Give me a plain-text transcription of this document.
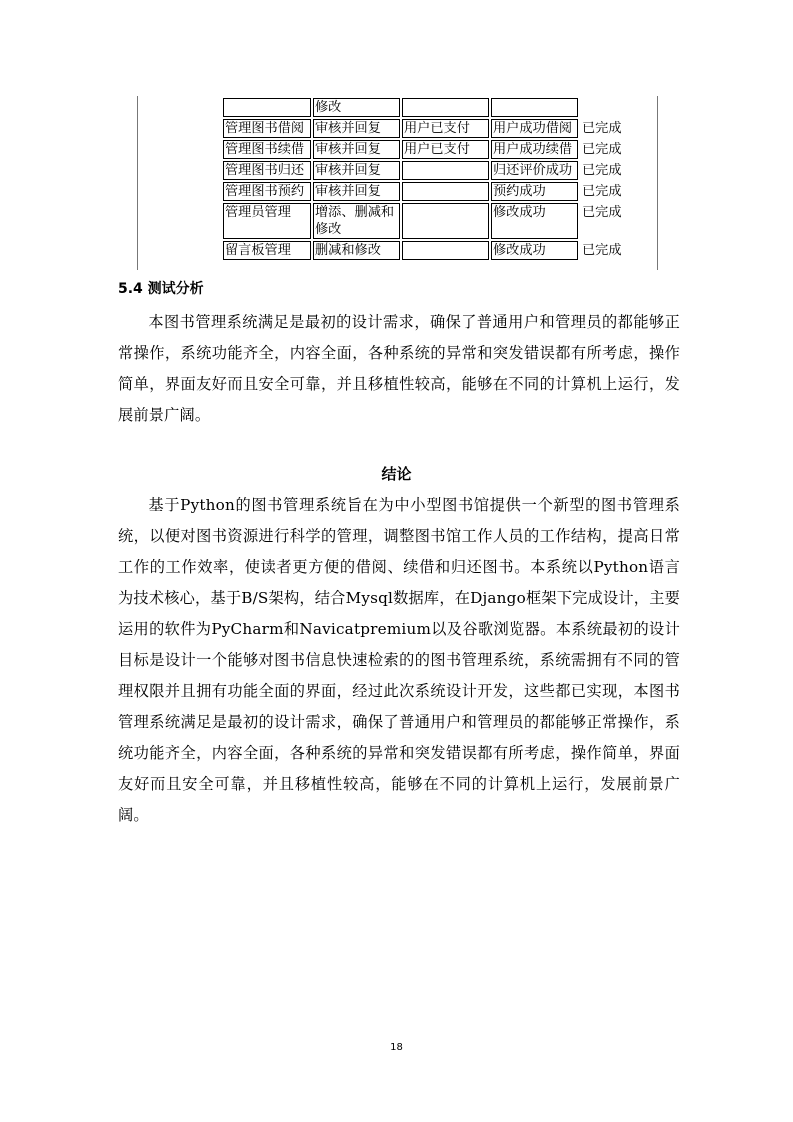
	修改			
管理图书借阅	审核并回复	用户已支付	用户成功借阅	已完成
管理图书续借	审核并回复	用户已支付	用户成功续借	已完成
管理图书归还	审核并回复		归还评价成功	已完成
管理图书预约	审核并回复		预约成功	已完成
管理员管理	增添、删减和修改		修改成功	已完成
留言板管理	删减和修改		修改成功	已完成
5.4 测试分析

本图书管理系统满足是最初的设计需求，确保了普通用户和管理员的都能够正常操作，系统功能齐全，内容全面，各种系统的异常和突发错误都有所考虑，操作简单，界面友好而且安全可靠，并且移植性较高，能够在不同的计算机上运行，发展前景广阔。

结论

基于Python的图书管理系统旨在为中小型图书馆提供一个新型的图书管理系统，以便对图书资源进行科学的管理，调整图书馆工作人员的工作结构，提高日常工作的工作效率，使读者更方便的借阅、续借和归还图书。本系统以Python语言为技术核心，基于B/S架构，结合Mysql数据库，在Django框架下完成设计，主要运用的软件为PyCharm和Navicatpremium以及谷歌浏览器。本系统最初的设计目标是设计一个能够对图书信息快速检索的的图书管理系统，系统需拥有不同的管理权限并且拥有功能全面的界面，经过此次系统设计开发，这些都已实现，本图书管理系统满足是最初的设计需求，确保了普通用户和管理员的都能够正常操作，系统功能齐全，内容全面，各种系统的异常和突发错误都有所考虑，操作简单，界面友好而且安全可靠，并且移植性较高，能够在不同的计算机上运行，发展前景广阔。

18
